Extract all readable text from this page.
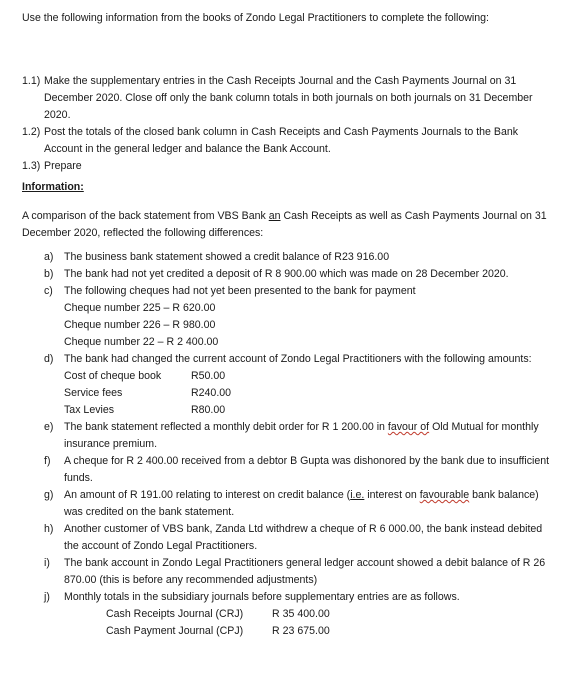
Use the following information from the books of Zondo Legal Practitioners to complete the following:

1.1) Make the supplementary entries in the Cash Receipts Journal and the Cash Payments Journal on 31 December 2020. Close off only the bank column totals in both journals on both journals on 31 December 2020.
1.2) Post the totals of the closed bank column in Cash Receipts and Cash Payments Journals to the Bank Account in the general ledger and balance the Bank Account.
1.3) Prepare

Information:

A comparison of the back statement from VBS Bank an Cash Receipts as well as Cash Payments Journal on 31 December 2020, reflected the following differences:

a) The business bank statement showed a credit balance of R23 916.00
b) The bank had not yet credited a deposit of R 8 900.00 which was made on 28 December 2020.
c) The following cheques had not yet been presented to the bank for payment
Cheque number 225 – R 620.00
Cheque number 226 – R 980.00
Cheque number 22 – R 2 400.00
d) The bank had changed the current account of Zondo Legal Practitioners with the following amounts:
Cost of cheque book	R50.00
Service fees	R240.00
Tax Levies	R80.00
e) The bank statement reflected a monthly debit order for R 1 200.00 in favour of Old Mutual for monthly insurance premium.
f) A cheque for R 2 400.00 received from a debtor B Gupta was dishonored by the bank due to insufficient funds.
g) An amount of R 191.00 relating to interest on credit balance (i.e. interest on favourable bank balance) was credited on the bank statement.
h) Another customer of VBS bank, Zanda Ltd withdrew a cheque of R 6 000.00, the bank instead debited the account of Zondo Legal Practitioners.
i) The bank account in Zondo Legal Practitioners general ledger account showed a debit balance of R 26 870.00 (this is before any recommended adjustments)
j) Monthly totals in the subsidiary journals before supplementary entries are as follows.
Cash Receipts Journal (CRJ)	R 35 400.00
Cash Payment Journal (CPJ)	R 23 675.00
